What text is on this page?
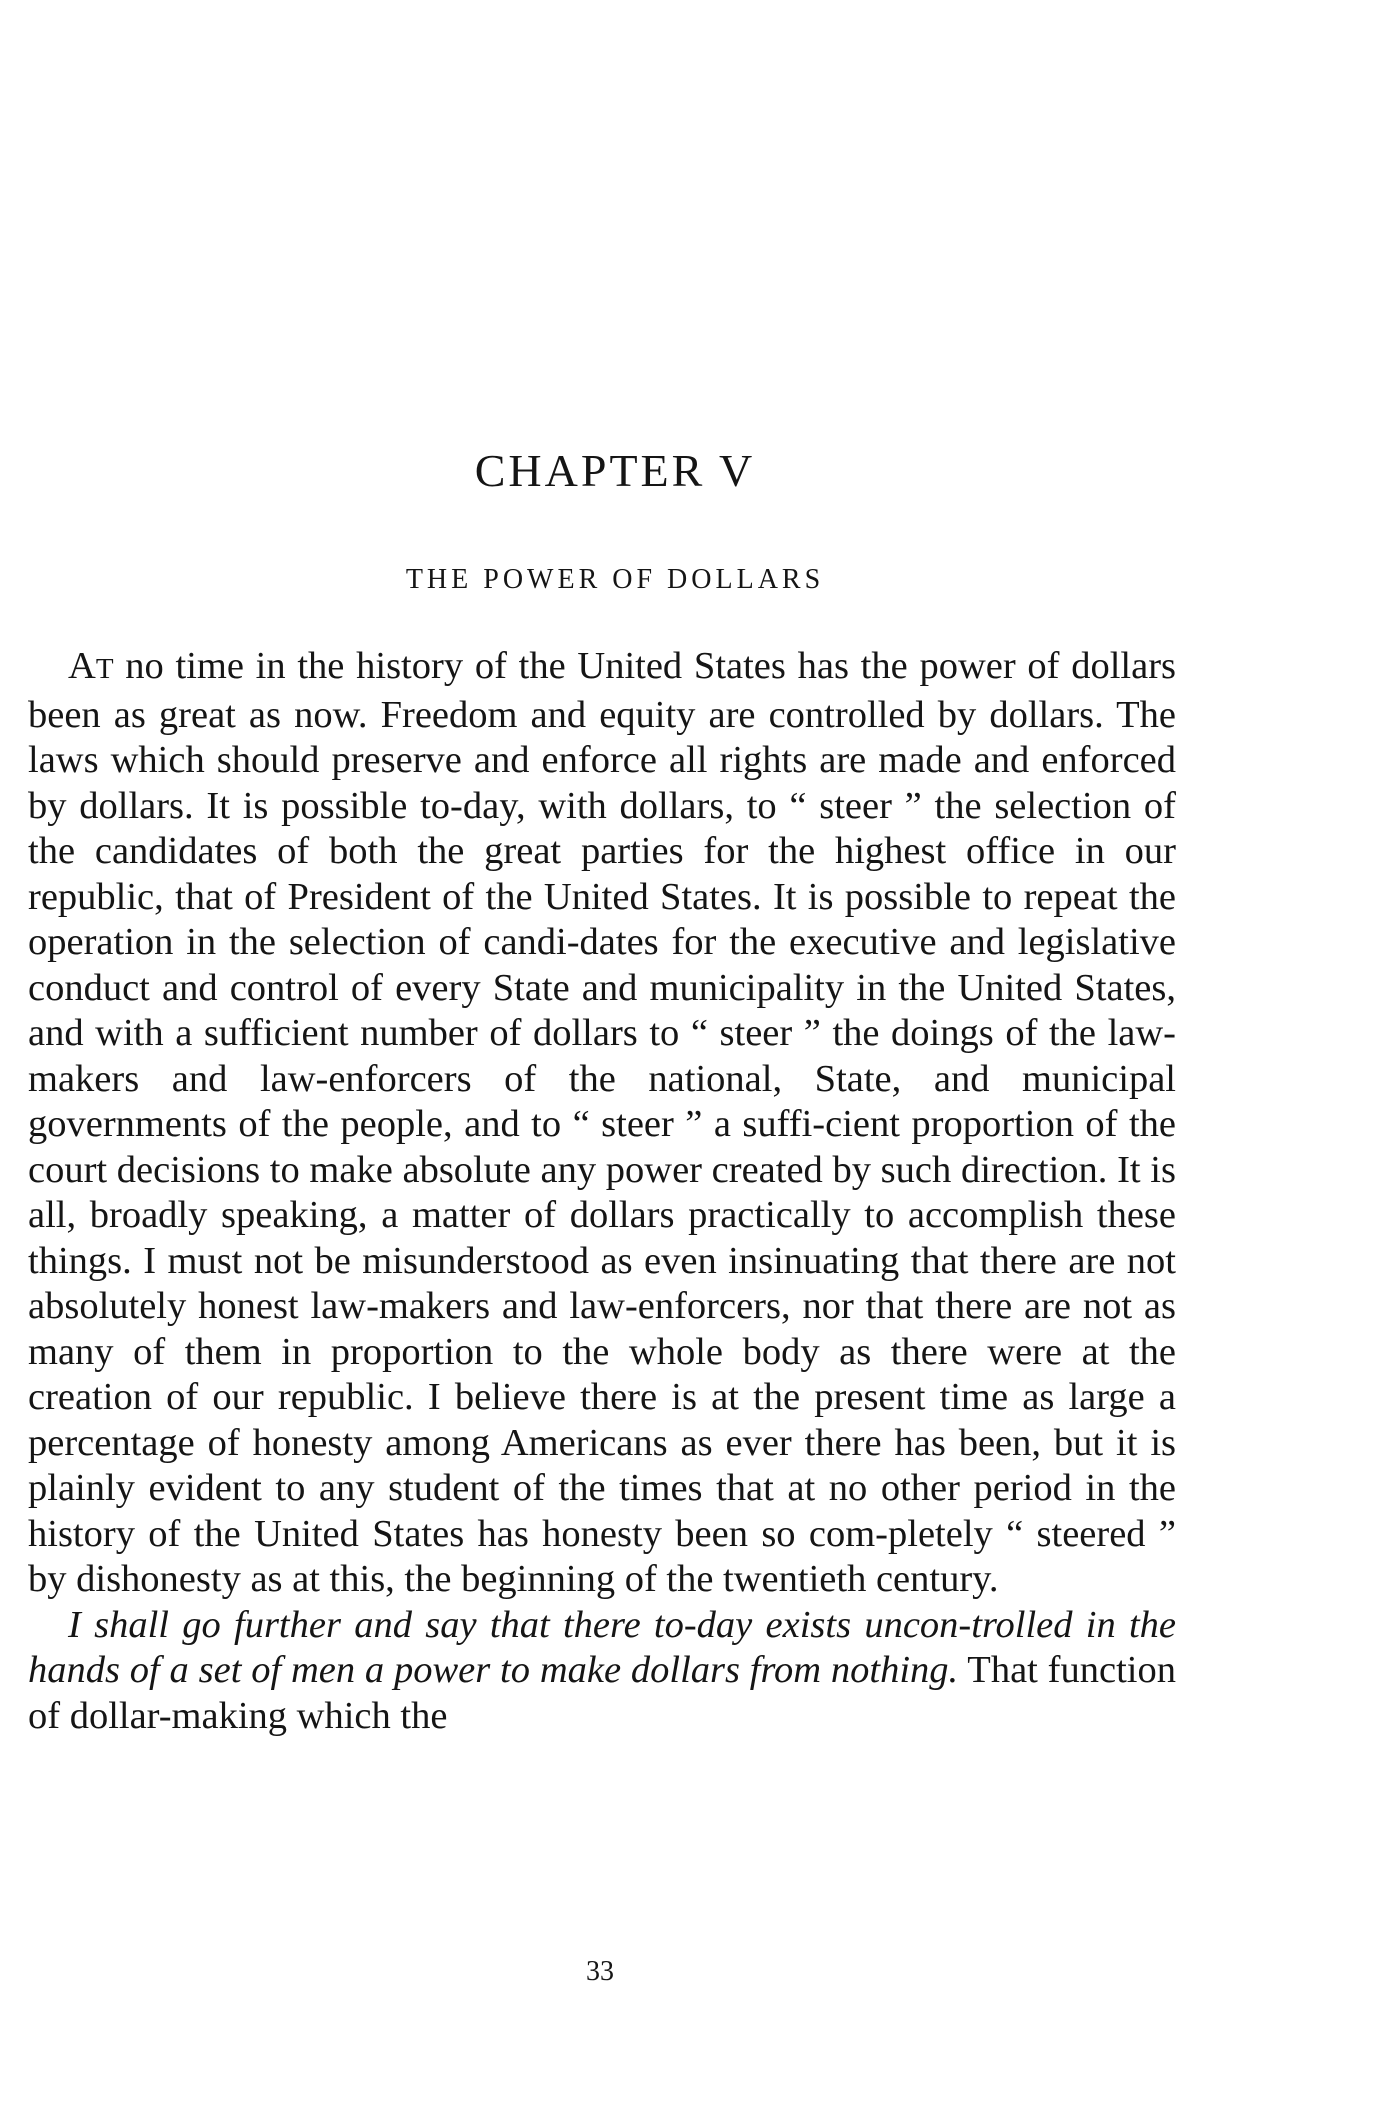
CHAPTER V
THE POWER OF DOLLARS

AT no time in the history of the United States has the power of dollars been as great as now. Freedom and equity are controlled by dollars. The laws which should preserve and enforce all rights are made and enforced by dollars. It is possible to-day, with dollars, to “ steer ” the selection of the candidates of both the great parties for the highest office in our republic, that of President of the United States. It is possible to repeat the operation in the selection of candi-dates for the executive and legislative conduct and control of every State and municipality in the United States, and with a sufficient number of dollars to “ steer ” the doings of the law-makers and law-enforcers of the national, State, and municipal governments of the people, and to “ steer ” a suffi-cient proportion of the court decisions to make absolute any power created by such direction. It is all, broadly speaking, a matter of dollars practically to accomplish these things. I must not be misunderstood as even insinuating that there are not absolutely honest law-makers and law-enforcers, nor that there are not as many of them in proportion to the whole body as there were at the creation of our republic. I believe there is at the present time as large a percentage of honesty among Americans as ever there has been, but it is plainly evident to any student of the times that at no other period in the history of the United States has honesty been so com-pletely “ steered ” by dishonesty as at this, the beginning of the twentieth century.

I shall go further and say that there to-day exists uncon-trolled in the hands of a set of men a power to make dollars from nothing. That function of dollar-making which the

33
